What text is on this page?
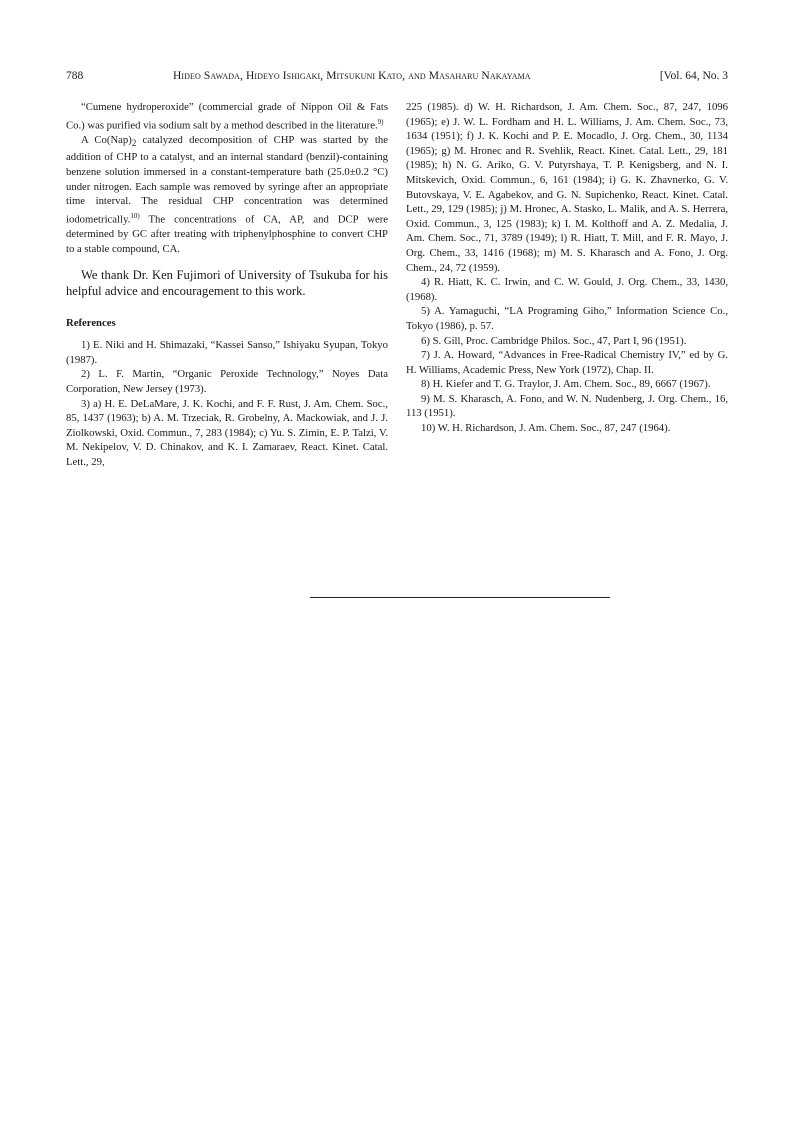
788	Hideo Sawada, Hideyo Ishigaki, Mitsukuni Kato, and Masaharu Nakayama	[Vol. 64, No. 3

“Cumene hydroperoxide” (commercial grade of Nippon Oil & Fats Co.) was purified via sodium salt by a method described in the literature.$^{9)}$

A $Co(Nap)_2$ catalyzed decomposition of CHP was started by the addition of CHP to a catalyst, and an internal standard (benzil)-containing benzene solution immersed in a constant-temperature bath (25.0±0.2 °C) under nitrogen. Each sample was removed by syringe after an appropriate time interval. The residual CHP concentration was determined iodometrically.$^{10)}$ The concentrations of CA, AP, and DCP were determined by GC after treating with triphenylphosphine to convert CHP to a stable compound, CA.

We thank Dr. Ken Fujimori of University of Tsukuba for his helpful advice and encouragement to this work.

References

1) E. Niki and H. Shimazaki, “Kassei Sanso,” Ishiyaku Syupan, Tokyo (1987).

2) L. F. Martin, “Organic Peroxide Technology,” Noyes Data Corporation, New Jersey (1973).

3) a) H. E. DeLaMare, J. K. Kochi, and F. F. Rust, J. Am. Chem. Soc., 85, 1437 (1963); b) A. M. Trzeciak, R. Grobelny, A. Mackowiak, and J. J. Ziolkowski, Oxid. Commun., 7, 283 (1984); c) Yu. S. Zimin, E. P. Talzi, V. M. Nekipelov, V. D. Chinakov, and K. I. Zamaraev, React. Kinet. Catal. Lett., 29,

225 (1985). d) W. H. Richardson, J. Am. Chem. Soc., 87, 247, 1096 (1965); e) J. W. L. Fordham and H. L. Williams, J. Am. Chem. Soc., 73, 1634 (1951); f) J. K. Kochi and P. E. Mocadlo, J. Org. Chem., 30, 1134 (1965); g) M. Hronec and R. Svehlik, React. Kinet. Catal. Lett., 29, 181 (1985); h) N. G. Ariko, G. V. Putyrshaya, T. P. Kenigsberg, and N. I. Mitskevich, Oxid. Commun., 6, 161 (1984); i) G. K. Zhavnerko, G. V. Butovskaya, V. E. Agabekov, and G. N. Supichenko, React. Kinet. Catal. Lett., 29, 129 (1985); j) M. Hronec, A. Stasko, L. Malik, and A. S. Herrera, Oxid. Commun., 3, 125 (1983); k) I. M. Kolthoff and A. Z. Medalia, J. Am. Chem. Soc., 71, 3789 (1949); l) R. Hiatt, T. Mill, and F. R. Mayo, J. Org. Chem., 33, 1416 (1968); m) M. S. Kharasch and A. Fono, J. Org. Chem., 24, 72 (1959).

4) R. Hiatt, K. C. Irwin, and C. W. Gould, J. Org. Chem., 33, 1430, (1968).

5) A. Yamaguchi, “LA Programing Giho,” Information Science Co., Tokyo (1986), p. 57.

6) S. Gill, Proc. Cambridge Philos. Soc., 47, Part I, 96 (1951).

7) J. A. Howard, “Advances in Free-Radical Chemistry IV,” ed by G. H. Williams, Academic Press, New York (1972), Chap. II.

8) H. Kiefer and T. G. Traylor, J. Am. Chem. Soc., 89, 6667 (1967).

9) M. S. Kharasch, A. Fono, and W. N. Nudenberg, J. Org. Chem., 16, 113 (1951).

10) W. H. Richardson, J. Am. Chem. Soc., 87, 247 (1964).
